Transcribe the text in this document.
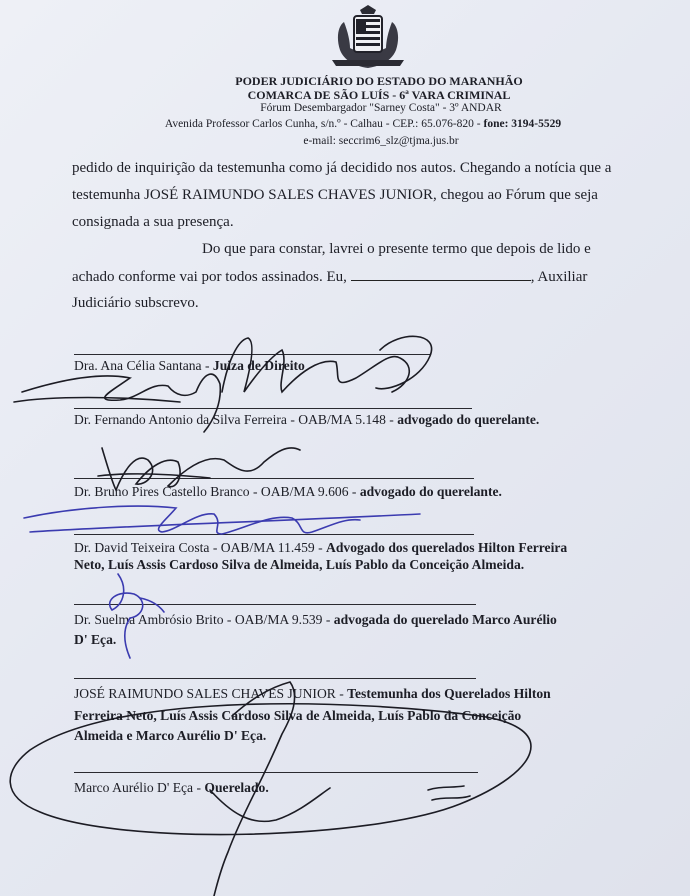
PODER JUDICIÁRIO DO ESTADO DO MARANHÃO
COMARCA DE SÃO LUÍS - 6ª VARA CRIMINAL
Fórum Desembargador "Sarney Costa" - 3º ANDAR
Avenida Professor Carlos Cunha, s/n.º - Calhau - CEP.: 65.076-820 - fone: 3194-5529
e-mail: seccrim6_slz@tjma.jus.br
pedido de inquirição da testemunha como já decidido nos autos. Chegando a notícia que a
testemunha JOSÉ RAIMUNDO SALES CHAVES JUNIOR, chegou ao Fórum que seja
consignada a sua presença.
Do que para constar, lavrei o presente termo que depois de lido e
achado conforme vai por todos assinados. Eu,	, Auxiliar
Judiciário subscrevo.
Dra. Ana Célia Santana - Juiza de Direito
Dr. Fernando Antonio da Silva Ferreira - OAB/MA 5.148 - advogado do querelante.
Dr. Bruno Pires Castello Branco - OAB/MA 9.606 - advogado do querelante.
Dr. David Teixeira Costa - OAB/MA 11.459 - Advogado dos querelados Hilton Ferreira
Neto, Luís Assis Cardoso Silva de Almeida, Luís Pablo da Conceição Almeida.
Dr. Suelma Ambrósio Brito - OAB/MA 9.539 - advogada do querelado Marco Aurélio
D' Eça.
JOSÉ RAIMUNDO SALES CHAVES JUNIOR - Testemunha dos Querelados Hilton
Ferreira Neto, Luís Assis Cardoso Silva de Almeida, Luís Pablo da Conceição
Almeida e Marco Aurélio D' Eça.
Marco Aurélio D' Eça - Querelado.
